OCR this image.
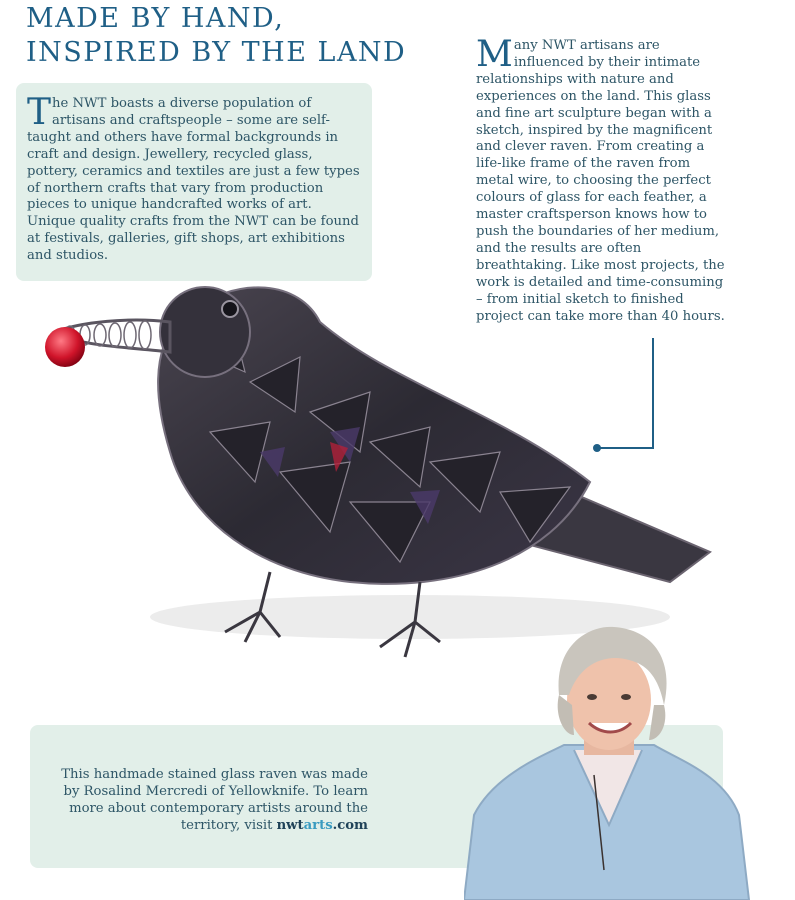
MADE BY HAND,
INSPIRED BY THE LAND

The NWT boasts a diverse population of artisans and craftspeople – some are self-taught and others have formal backgrounds in craft and design. Jewellery, recycled glass, pottery, ceramics and textiles are just a few types of northern crafts that vary from production pieces to unique handcrafted works of art. Unique quality crafts from the NWT can be found at festivals, galleries, gift shops, art exhibitions and studios.

Many NWT artisans are influenced by their intimate relationships with nature and experiences on the land. This glass and fine art sculpture began with a sketch, inspired by the magnificent and clever raven. From creating a life-like frame of the raven from metal wire, to choosing the perfect colours of glass for each feather, a master craftsperson knows how to push the boundaries of her medium, and the results are often breathtaking. Like most projects, the work is detailed and time-consuming – from initial sketch to finished project can take more than 40 hours.

This handmade stained glass raven was made by Rosalind Mercredi of Yellowknife. To learn more about contemporary artists around the territory, visit nwtarts.com
